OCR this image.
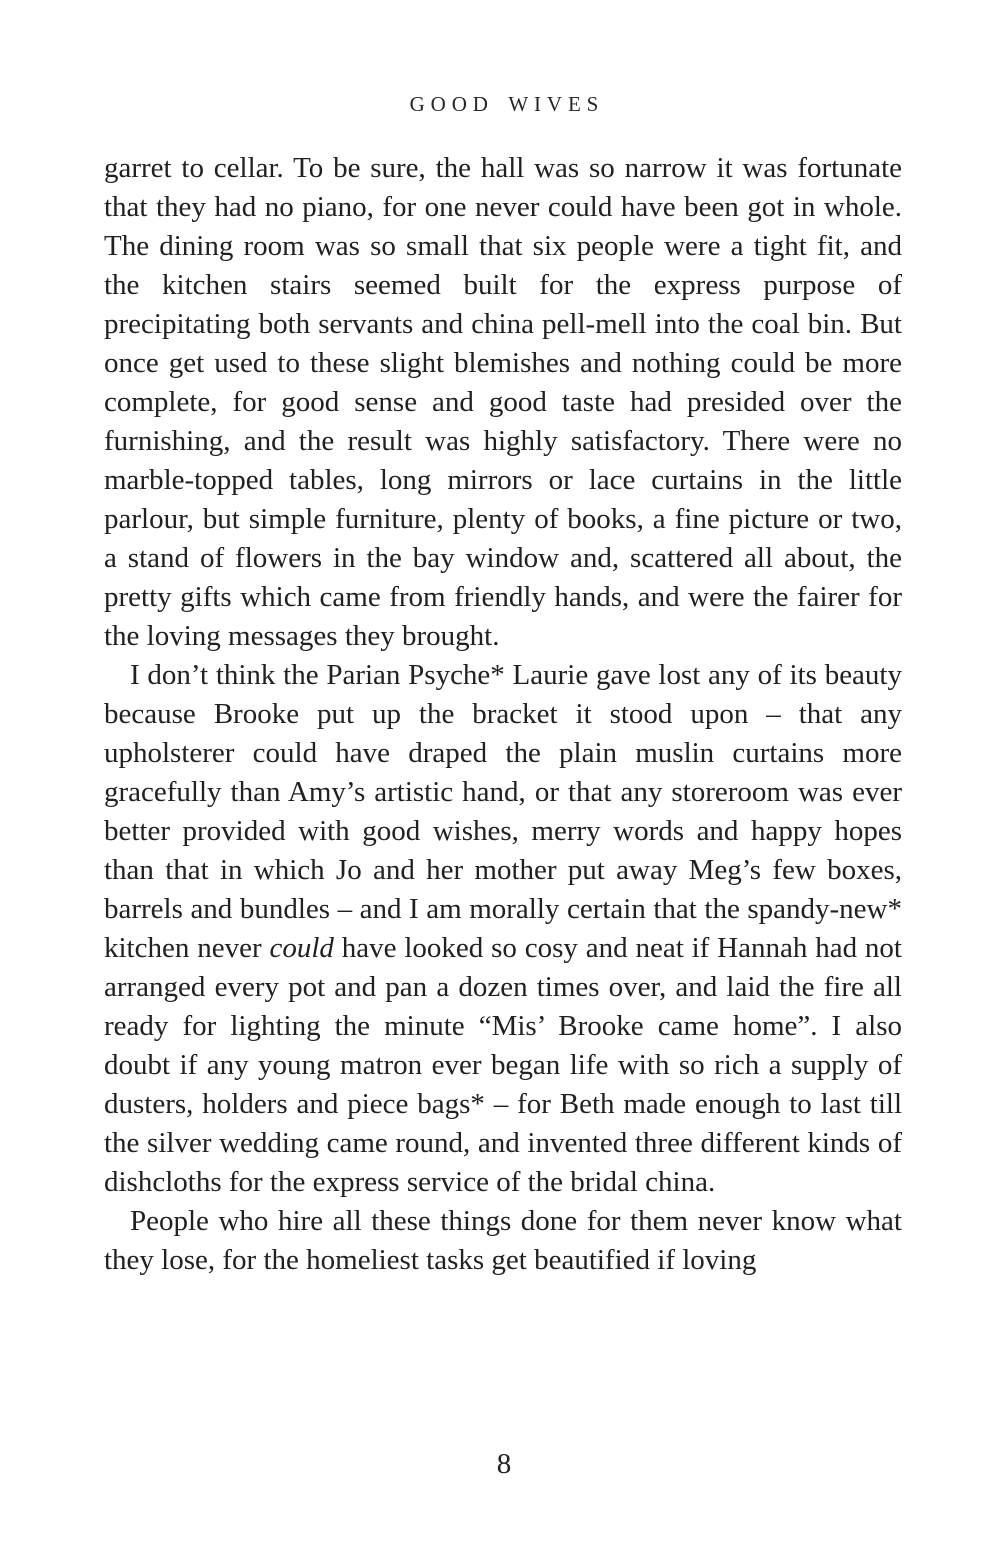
GOOD WIVES

garret to cellar. To be sure, the hall was so narrow it was fortunate that they had no piano, for one never could have been got in whole. The dining room was so small that six people were a tight fit, and the kitchen stairs seemed built for the express purpose of precipitating both servants and china pell-mell into the coal bin. But once get used to these slight blemishes and nothing could be more complete, for good sense and good taste had presided over the furnishing, and the result was highly satisfactory. There were no marble-topped tables, long mirrors or lace curtains in the little parlour, but simple furniture, plenty of books, a fine picture or two, a stand of flowers in the bay window and, scattered all about, the pretty gifts which came from friendly hands, and were the fairer for the loving messages they brought.

I don’t think the Parian Psyche* Laurie gave lost any of its beauty because Brooke put up the bracket it stood upon – that any upholsterer could have draped the plain muslin curtains more gracefully than Amy’s artistic hand, or that any storeroom was ever better provided with good wishes, merry words and happy hopes than that in which Jo and her mother put away Meg’s few boxes, barrels and bundles – and I am morally certain that the spandy-new* kitchen never could have looked so cosy and neat if Hannah had not arranged every pot and pan a dozen times over, and laid the fire all ready for lighting the minute “Mis’ Brooke came home”. I also doubt if any young matron ever began life with so rich a supply of dusters, holders and piece bags* – for Beth made enough to last till the silver wedding came round, and invented three different kinds of dishcloths for the express service of the bridal china.

People who hire all these things done for them never know what they lose, for the homeliest tasks get beautified if loving

8
